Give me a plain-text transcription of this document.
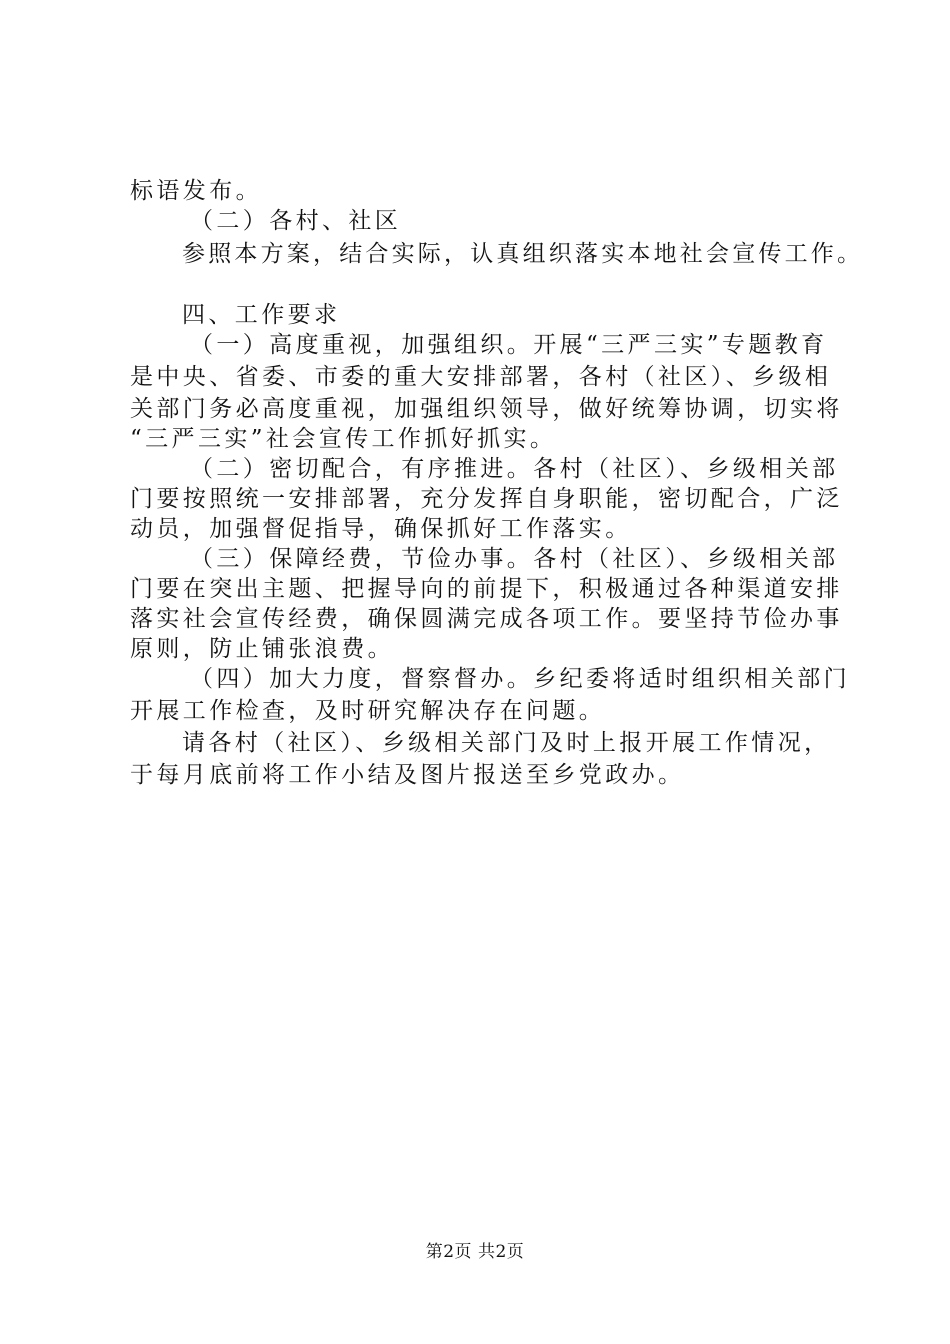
标语发布。
（二）各村、社区
参照本方案，结合实际，认真组织落实本地社会宣传工作。
四、工作要求
（一）高度重视，加强组织。开展“三严三实”专题教育
是中央、省委、市委的重大安排部署，各村（社区）、乡级相
关部门务必高度重视，加强组织领导，做好统筹协调，切实将
“三严三实”社会宣传工作抓好抓实。
（二）密切配合，有序推进。各村（社区）、乡级相关部
门要按照统一安排部署，充分发挥自身职能，密切配合，广泛
动员，加强督促指导，确保抓好工作落实。
（三）保障经费，节俭办事。各村（社区）、乡级相关部
门要在突出主题、把握导向的前提下，积极通过各种渠道安排
落实社会宣传经费，确保圆满完成各项工作。要坚持节俭办事
原则，防止铺张浪费。
（四）加大力度，督察督办。乡纪委将适时组织相关部门
开展工作检查，及时研究解决存在问题。
请各村（社区）、乡级相关部门及时上报开展工作情况，
于每月底前将工作小结及图片报送至乡党政办。
第2页 共2页
